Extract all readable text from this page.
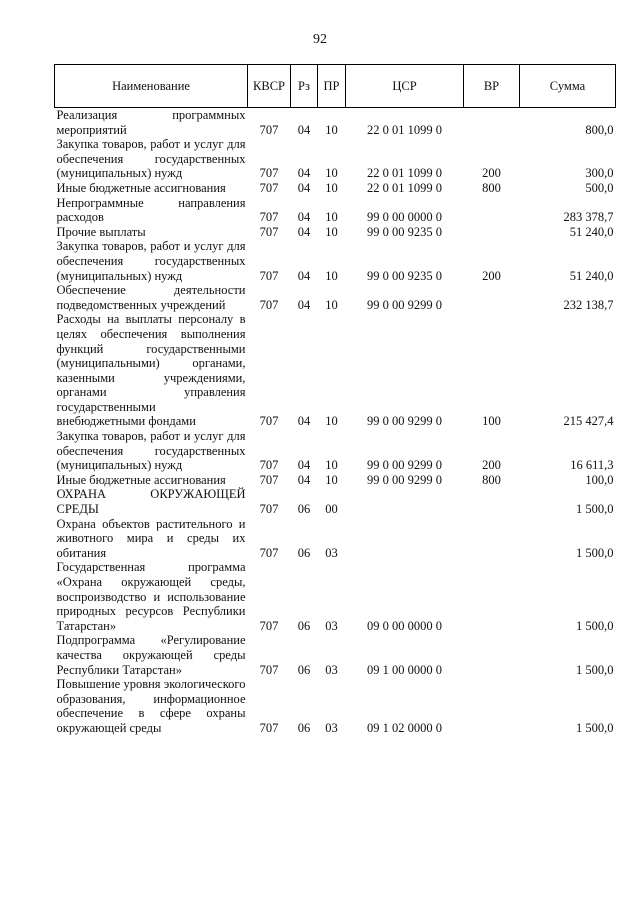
92
Наименование	КВСР	Рз	ПР	ЦСР	ВР	Сумма
Реализация программных мероприятий	707	04	10	22 0 01 1099 0		800,0
Закупка товаров, работ и услуг для обеспечения государственных (муниципальных) нужд	707	04	10	22 0 01 1099 0	200	300,0
Иные бюджетные ассигнования	707	04	10	22 0 01 1099 0	800	500,0
Непрограммные направления расходов	707	04	10	99 0 00 0000 0		283 378,7
Прочие выплаты	707	04	10	99 0 00 9235 0		51 240,0
Закупка товаров, работ и услуг для обеспечения государственных (муниципальных) нужд	707	04	10	99 0 00 9235 0	200	51 240,0
Обеспечение деятельности подведомственных учреждений	707	04	10	99 0 00 9299 0		232 138,7
Расходы на выплаты персоналу в целях обеспечения выполнения функций государственными (муниципальными) органами, казенными учреждениями, органами управления государственными внебюджетными фондами	707	04	10	99 0 00 9299 0	100	215 427,4
Закупка товаров, работ и услуг для обеспечения государственных (муниципальных) нужд	707	04	10	99 0 00 9299 0	200	16 611,3
Иные бюджетные ассигнования	707	04	10	99 0 00 9299 0	800	100,0
ОХРАНА ОКРУЖАЮЩЕЙ СРЕДЫ	707	06	00			1 500,0
Охрана объектов растительного и животного мира и среды их обитания	707	06	03			1 500,0
Государственная программа «Охрана окружающей среды, воспроизводство и использование природных ресурсов Республики Татарстан»	707	06	03	09 0 00 0000 0		1 500,0
Подпрограмма «Регулирование качества окружающей среды Республики Татарстан»	707	06	03	09 1 00 0000 0		1 500,0
Повышение уровня экологического образования, информационное обеспечение в сфере охраны окружающей среды	707	06	03	09 1 02 0000 0		1 500,0
